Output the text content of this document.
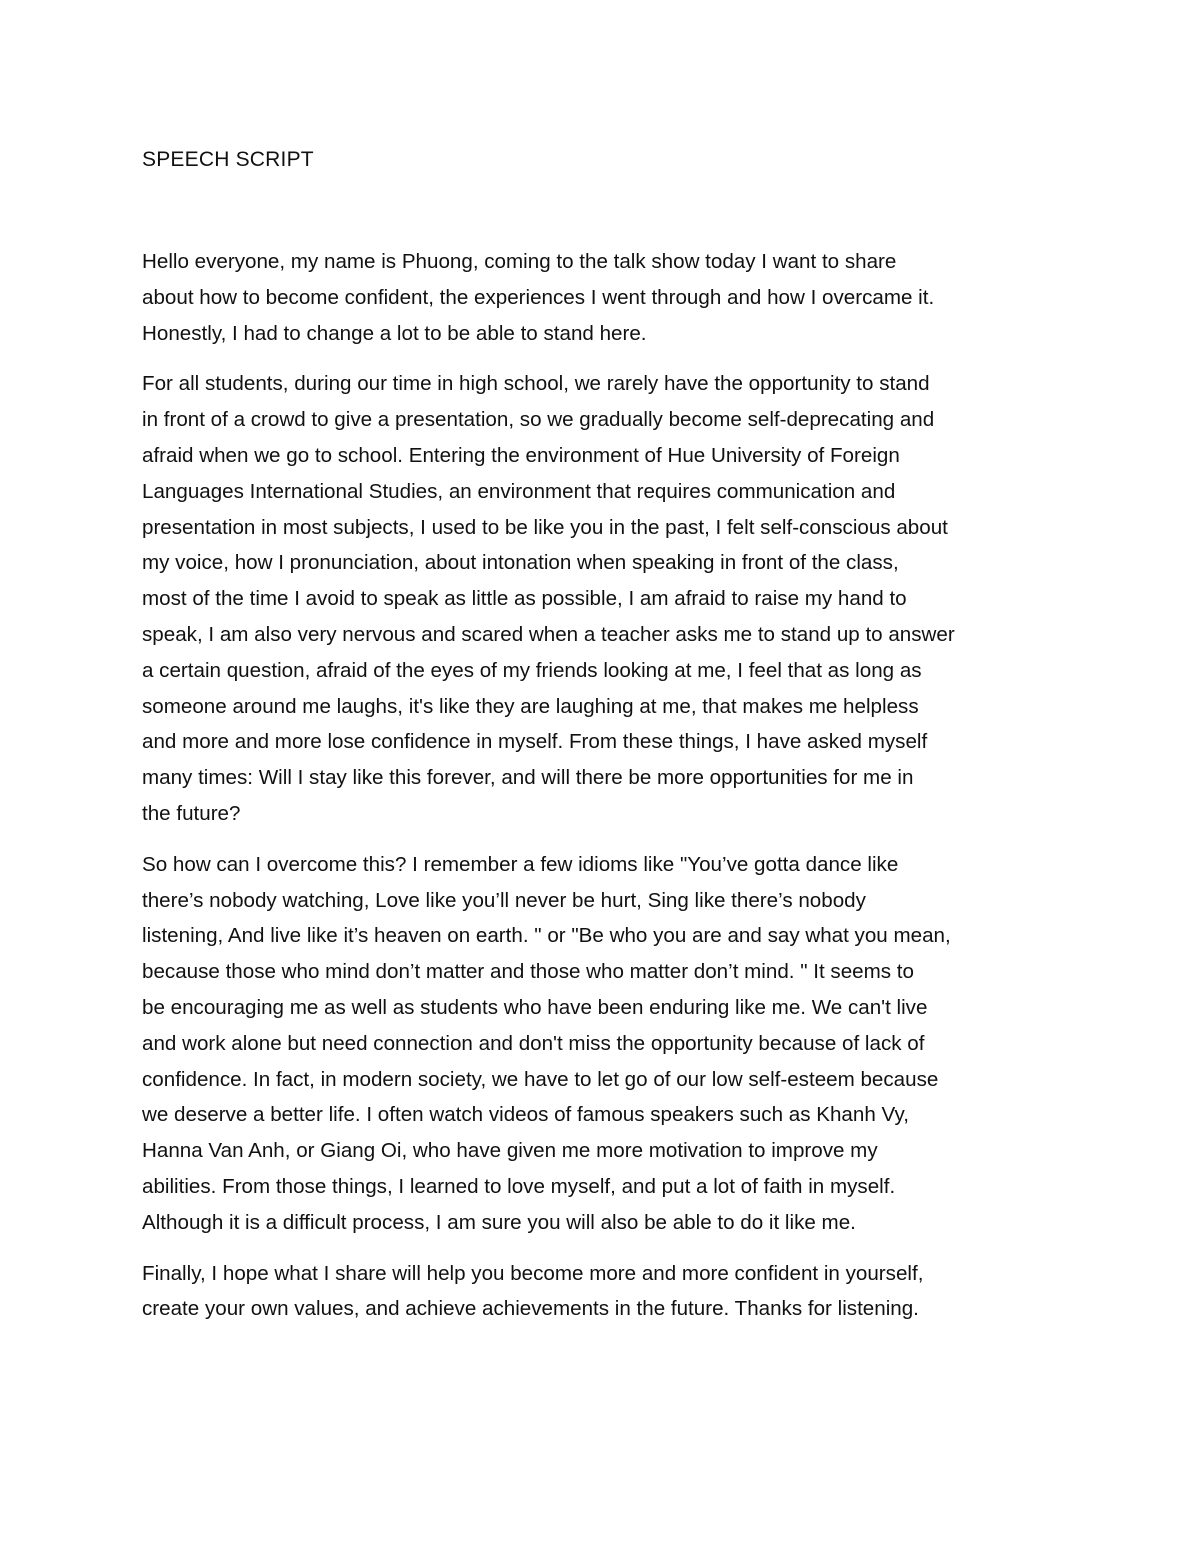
SPEECH SCRIPT

Hello everyone, my name is Phuong, coming to the talk show today I want to share
about how to become confident, the experiences I went through and how I overcame it.
Honestly, I had to change a lot to be able to stand here.

For all students, during our time in high school, we rarely have the opportunity to stand
in front of a crowd to give a presentation, so we gradually become self-deprecating and
afraid when we go to school. Entering the environment of Hue University of Foreign
Languages International Studies, an environment that requires communication and
presentation in most subjects, I used to be like you in the past, I felt self-conscious about
my voice, how I pronunciation, about intonation when speaking in front of the class,
most of the time I avoid to speak as little as possible, I am afraid to raise my hand to
speak, I am also very nervous and scared when a teacher asks me to stand up to answer
a certain question, afraid of the eyes of my friends looking at me, I feel that as long as
someone around me laughs, it's like they are laughing at me, that makes me helpless
and more and more lose confidence in myself. From these things, I have asked myself
many times: Will I stay like this forever, and will there be more opportunities for me in
the future?

So how can I overcome this? I remember a few idioms like "You’ve gotta dance like
there’s nobody watching, Love like you’ll never be hurt, Sing like there’s nobody
listening, And live like it’s heaven on earth. " or "Be who you are and say what you mean,
because those who mind don’t matter and those who matter don’t mind. " It seems to
be encouraging me as well as students who have been enduring like me. We can't live
and work alone but need connection and don't miss the opportunity because of lack of
confidence. In fact, in modern society, we have to let go of our low self-esteem because
we deserve a better life. I often watch videos of famous speakers such as Khanh Vy,
Hanna Van Anh, or Giang Oi, who have given me more motivation to improve my
abilities. From those things, I learned to love myself, and put a lot of faith in myself.
Although it is a difficult process, I am sure you will also be able to do it like me.

Finally, I hope what I share will help you become more and more confident in yourself,
create your own values, and achieve achievements in the future. Thanks for listening.
